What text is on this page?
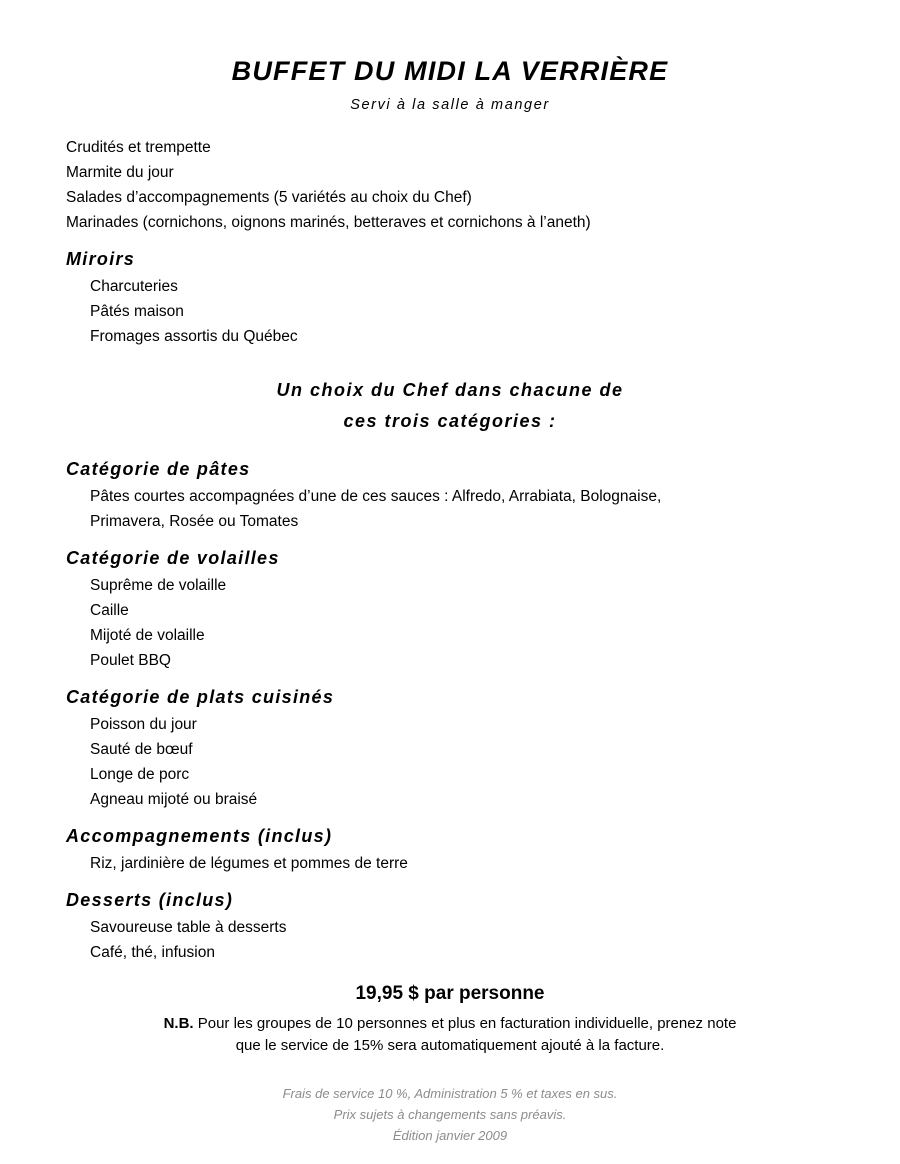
BUFFET DU MIDI LA VERRIÈRE
Servi à la salle à manger
Crudités et trempette
Marmite du jour
Salades d’accompagnements (5 variétés au choix du Chef)
Marinades (cornichons, oignons marinés, betteraves et cornichons à l’aneth)
Miroirs
Charcuteries
Pâtés maison
Fromages assortis du Québec
Un choix du Chef dans chacune de
ces trois catégories :
Catégorie de pâtes
Pâtes courtes accompagnées d’une de ces sauces : Alfredo, Arrabiata, Bolognaise,
Primavera, Rosée ou Tomates
Catégorie de volailles
Suprême de volaille
Caille
Mijoté de volaille
Poulet BBQ
Catégorie de plats cuisinés
Poisson du jour
Sauté de bœuf
Longe de porc
Agneau mijoté ou braisé
Accompagnements (inclus)
Riz, jardinière de légumes et pommes de terre
Desserts (inclus)
Savoureuse table à desserts
Café, thé, infusion
19,95 $ par personne
N.B. Pour les groupes de 10 personnes et plus en facturation individuelle, prenez note
que le service de 15% sera automatiquement ajouté à la facture.
Frais de service 10 %, Administration 5 % et taxes en sus.
Prix sujets à changements sans préavis.
Édition janvier 2009
